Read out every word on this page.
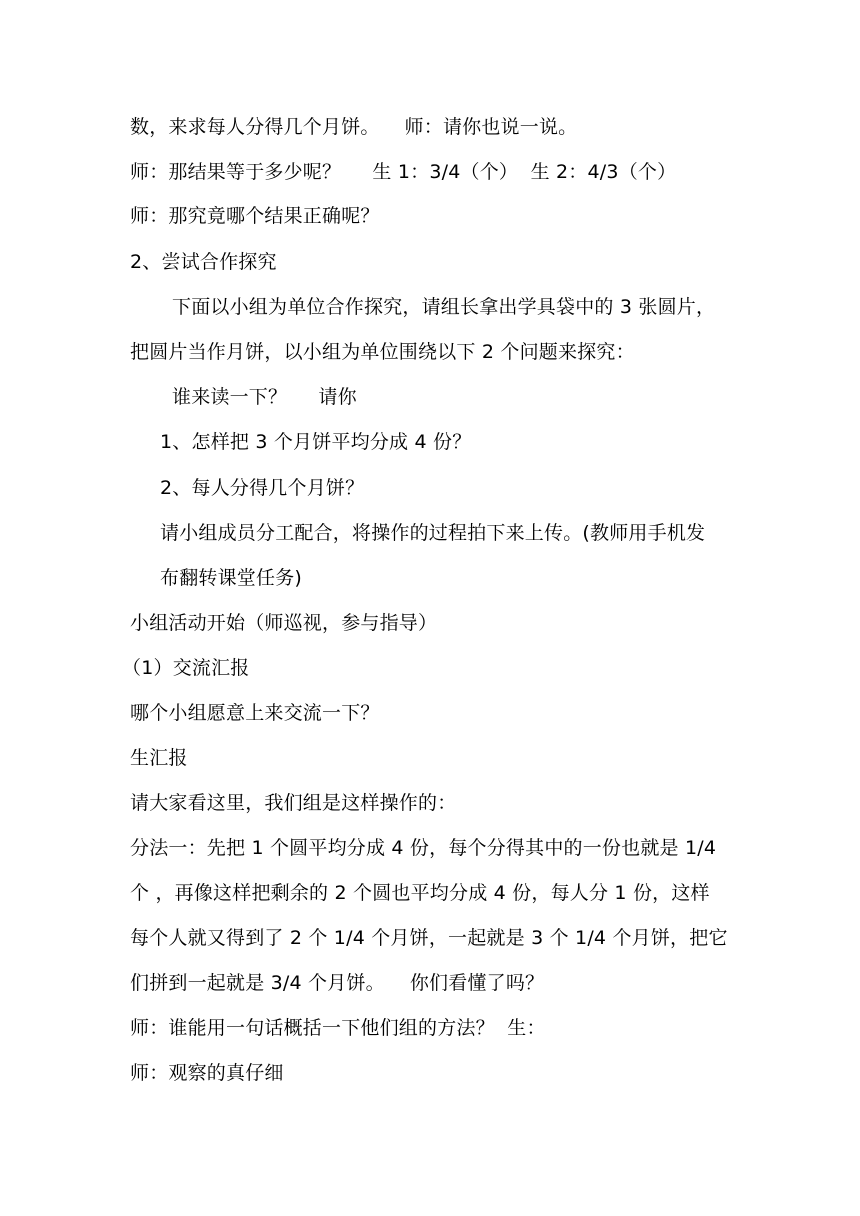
数，来求每人分得几个月饼。    师：请你也说一说。
师：那结果等于多少呢？     生 1：3/4（个）  生 2：4/3（个）
师：那究竟哪个结果正确呢？
2、尝试合作探究
下面以小组为单位合作探究，请组长拿出学具袋中的 3 张圆片，
把圆片当作月饼，以小组为单位围绕以下 2 个问题来探究：
谁来读一下？     请你
1、怎样把 3 个月饼平均分成 4 份？
2、每人分得几个月饼？
请小组成员分工配合，将操作的过程拍下来上传。(教师用手机发
布翻转课堂任务)
小组活动开始（师巡视，参与指导）
（1）交流汇报
哪个小组愿意上来交流一下？
生汇报
请大家看这里，我们组是这样操作的：
分法一：先把 1 个圆平均分成 4 份，每个分得其中的一份也就是 1/4
个 ，再像这样把剩余的 2 个圆也平均分成 4 份，每人分 1 份，这样
每个人就又得到了 2 个 1/4 个月饼，一起就是 3 个 1/4 个月饼，把它
们拼到一起就是 3/4 个月饼。    你们看懂了吗？
师：谁能用一句话概括一下他们组的方法？  生：
师：观察的真仔细
